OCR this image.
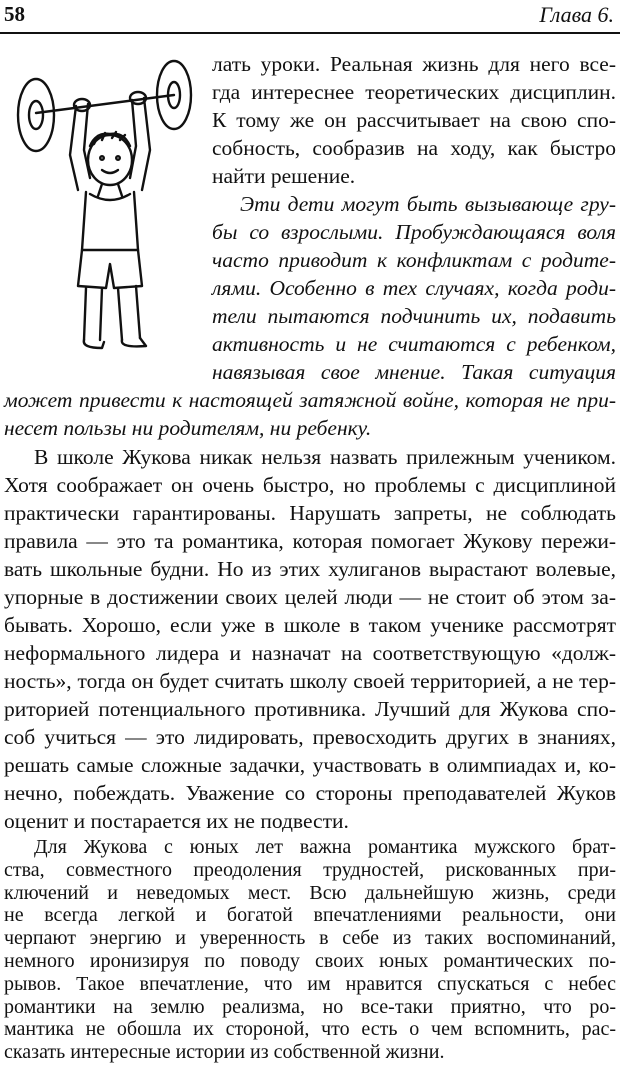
58	Глава 6.
лать уроки. Реальная жизнь для него все-
гда интереснее теоретических дисциплин.
К тому же он рассчитывает на свою спо-
собность, сообразив на ходу, как быстро
найти решение.
Эти дети могут быть вызывающе гру-
бы со взрослыми. Пробуждающаяся воля
часто приводит к конфликтам с родите-
лями. Особенно в тех случаях, когда роди-
тели пытаются подчинить их, подавить
активность и не считаются с ребенком,
навязывая свое мнение. Такая ситуация
может привести к настоящей затяжной войне, которая не при-
несет пользы ни родителям, ни ребенку.
В школе Жукова никак нельзя назвать прилежным учеником.
Хотя соображает он очень быстро, но проблемы с дисциплиной
практически гарантированы. Нарушать запреты, не соблюдать
правила — это та романтика, которая помогает Жукову пережи-
вать школьные будни. Но из этих хулиганов вырастают волевые,
упорные в достижении своих целей люди — не стоит об этом за-
бывать. Хорошо, если уже в школе в таком ученике рассмотрят
неформального лидера и назначат на соответствующую «долж-
ность», тогда он будет считать школу своей территорией, а не тер-
риторией потенциального противника. Лучший для Жукова спо-
соб учиться — это лидировать, превосходить других в знаниях,
решать самые сложные задачки, участвовать в олимпиадах и, ко-
нечно, побеждать. Уважение со стороны преподавателей Жуков
оценит и постарается их не подвести.
Для Жукова с юных лет важна романтика мужского брат-
ства, совместного преодоления трудностей, рискованных при-
ключений и неведомых мест. Всю дальнейшую жизнь, среди
не всегда легкой и богатой впечатлениями реальности, они
черпают энергию и уверенность в себе из таких воспоминаний,
немного иронизируя по поводу своих юных романтических по-
рывов. Такое впечатление, что им нравится спускаться с небес
романтики на землю реализма, но все-таки приятно, что ро-
мантика не обошла их стороной, что есть о чем вспомнить, рас-
сказать интересные истории из собственной жизни.
